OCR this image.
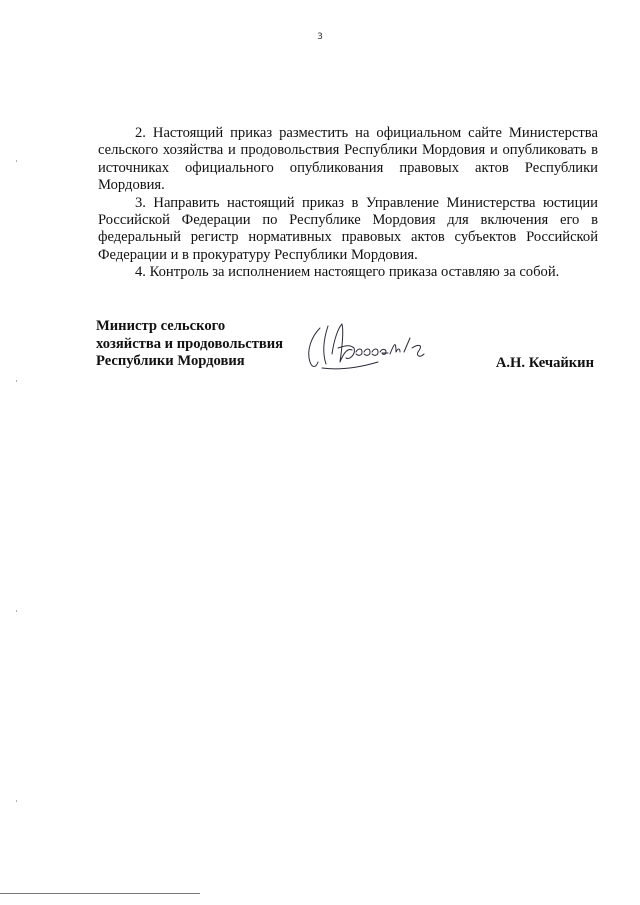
3

2. Настоящий приказ разместить на официальном сайте Министерства сельского хозяйства и продовольствия Республики Мордовия и опубликовать в источниках официального опубликования правовых актов Республики Мордовия.

3. Направить настоящий приказ в Управление Министерства юстиции Российской Федерации по Республике Мордовия для включения его в федеральный регистр нормативных правовых актов субъектов Российской Федерации и в прокуратуру Республики Мордовия.

4. Контроль за исполнением настоящего приказа оставляю за собой.

Министр сельского
хозяйства и продовольствия
Республики Мордовия	А.Н. Кечайкин
